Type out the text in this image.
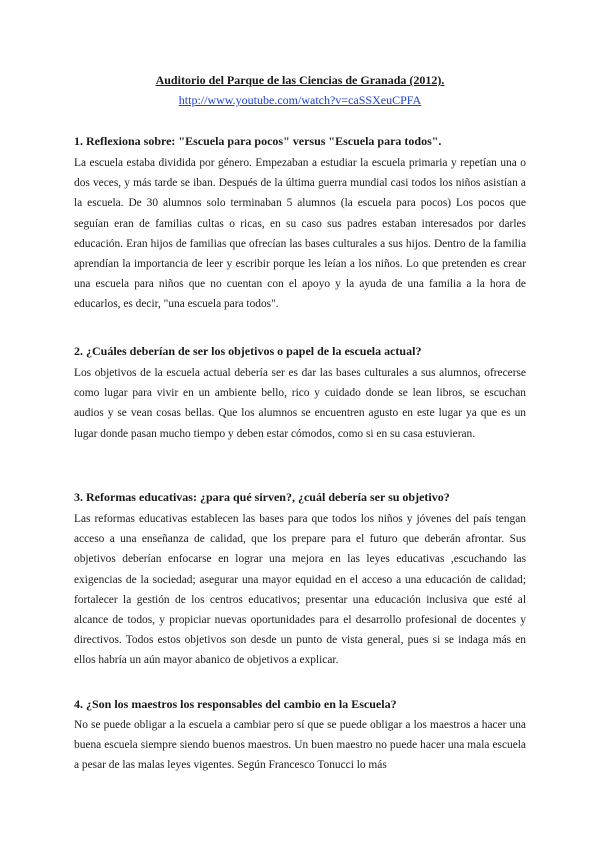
Auditorio del Parque de las Ciencias de Granada (2012).
http://www.youtube.com/watch?v=caSSXeuCPFA
1. Reflexiona sobre: "Escuela para pocos" versus "Escuela para todos".

La escuela estaba dividida por género. Empezaban a estudiar la escuela primaria y repetían una o dos veces, y más tarde se iban. Después de la última guerra mundial casi todos los niños asistían a la escuela. De 30 alumnos solo terminaban 5 alumnos (la escuela para pocos) Los pocos que seguían eran de familias cultas o ricas, en su caso sus padres estaban interesados por darles educación. Eran hijos de familias que ofrecían las bases culturales a sus hijos. Dentro de la familia aprendían la importancia de leer y escribir porque les leían a los niños. Lo que pretenden es crear una escuela para niños que no cuentan con el apoyo y la ayuda de una familia a la hora de educarlos, es decir, "una escuela para todos".

2. ¿Cuáles deberían de ser los objetivos o papel de la escuela actual?

Los objetivos de la escuela actual debería ser es dar las bases culturales a sus alumnos, ofrecerse como lugar para vivir en un ambiente bello, rico y cuidado donde se lean libros, se escuchan audios y se vean cosas bellas. Que los alumnos se encuentren agusto en este lugar ya que es un lugar donde pasan mucho tiempo y deben estar cómodos, como si en su casa estuvieran.

3. Reformas educativas: ¿para qué sirven?, ¿cuál debería ser su objetivo?

Las reformas educativas establecen las bases para que todos los niños y jóvenes del país tengan acceso a una enseñanza de calidad, que los prepare para el futuro que deberán afrontar. Sus objetivos deberían enfocarse en lograr una mejora en las leyes educativas ,escuchando las exigencias de la sociedad; asegurar una mayor equidad en el acceso a una educación de calidad; fortalecer la gestión de los centros educativos; presentar una educación inclusiva que esté al alcance de todos, y propiciar nuevas oportunidades para el desarrollo profesional de docentes y directivos. Todos estos objetivos son desde un punto de vista general, pues si se indaga más en ellos habría un aún mayor abanico de objetivos a explicar.

4. ¿Son los maestros los responsables del cambio en la Escuela?

No se puede obligar a la escuela a cambiar pero sí que se puede obligar a los maestros a hacer una buena escuela siempre siendo buenos maestros. Un buen maestro no puede hacer una mala escuela a pesar de las malas leyes vigentes. Según Francesco Tonucci lo más
